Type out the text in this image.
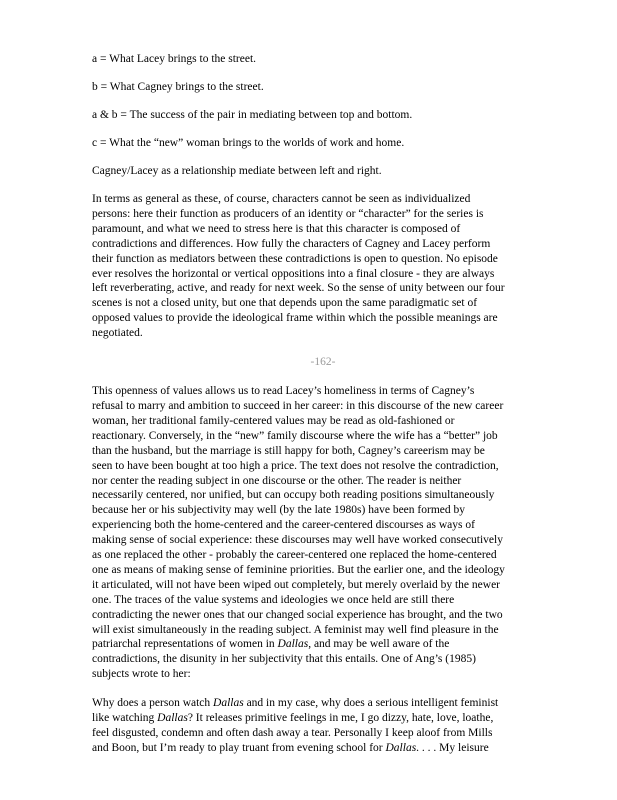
a = What Lacey brings to the street.

b = What Cagney brings to the street.

a & b = The success of the pair in mediating between top and bottom.

c = What the “new” woman brings to the worlds of work and home.

Cagney/Lacey as a relationship mediate between left and right.

In terms as general as these, of course, characters cannot be seen as individualized
persons: here their function as producers of an identity or “character” for the series is
paramount, and what we need to stress here is that this character is composed of
contradictions and differences. How fully the characters of Cagney and Lacey perform
their function as mediators between these contradictions is open to question. No episode
ever resolves the horizontal or vertical oppositions into a final closure - they are always
left reverberating, active, and ready for next week. So the sense of unity between our four
scenes is not a closed unity, but one that depends upon the same paradigmatic set of
opposed values to provide the ideological frame within which the possible meanings are
negotiated.
-162-
This openness of values allows us to read Lacey’s homeliness in terms of Cagney’s
refusal to marry and ambition to succeed in her career: in this discourse of the new career
woman, her traditional family-centered values may be read as old-fashioned or
reactionary. Conversely, in the “new” family discourse where the wife has a “better” job
than the husband, but the marriage is still happy for both, Cagney’s careerism may be
seen to have been bought at too high a price. The text does not resolve the contradiction,
nor center the reading subject in one discourse or the other. The reader is neither
necessarily centered, nor unified, but can occupy both reading positions simultaneously
because her or his subjectivity may well (by the late 1980s) have been formed by
experiencing both the home-centered and the career-centered discourses as ways of
making sense of social experience: these discourses may well have worked consecutively
as one replaced the other - probably the career-centered one replaced the home-centered
one as means of making sense of feminine priorities. But the earlier one, and the ideology
it articulated, will not have been wiped out completely, but merely overlaid by the newer
one. The traces of the value systems and ideologies we once held are still there
contradicting the newer ones that our changed social experience has brought, and the two
will exist simultaneously in the reading subject. A feminist may well find pleasure in the
patriarchal representations of women in Dallas, and may be well aware of the
contradictions, the disunity in her subjectivity that this entails. One of Ang’s (1985)
subjects wrote to her:
Why does a person watch Dallas and in my case, why does a serious intelligent feminist
like watching Dallas? It releases primitive feelings in me, I go dizzy, hate, love, loathe,
feel disgusted, condemn and often dash away a tear. Personally I keep aloof from Mills
and Boon, but I’m ready to play truant from evening school for Dallas. . . . My leisure
